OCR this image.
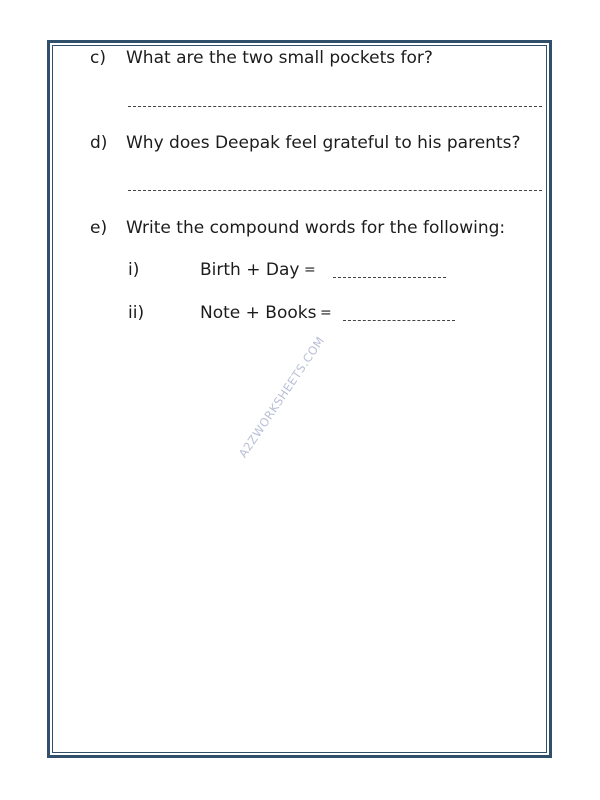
c) What are the two small pockets for?
d) Why does Deepak feel grateful to his parents?
e) Write the compound words for the following:
i)	Birth + Day =
ii)	Note + Books =
A2ZWORKSHEETS.COM
